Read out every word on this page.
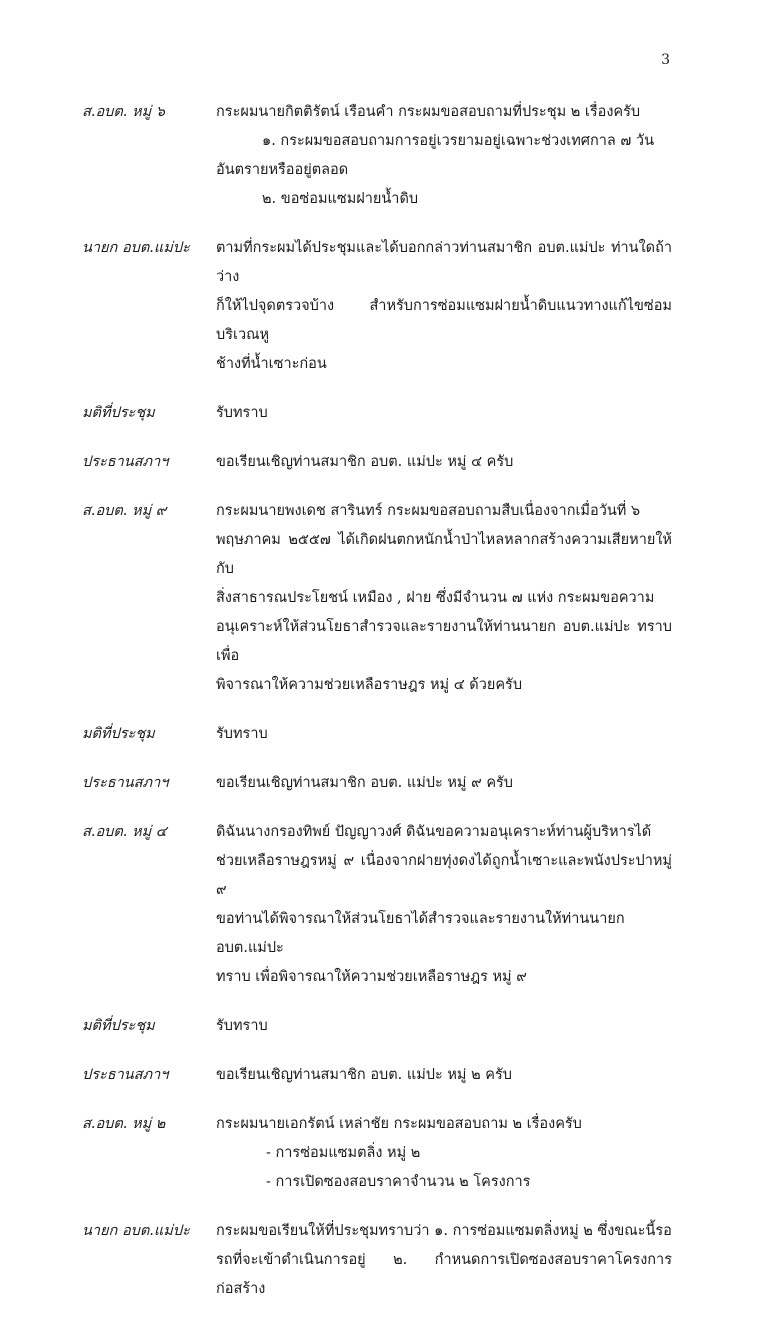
3
ส.อบต. หมู่ ๖	กระผมนายกิตติรัตน์ เรือนคำ กระผมขอสอบถามที่ประชุม ๒ เรื่องครับ

๑. กระผมขอสอบถามการอยู่เวรยามอยู่เฉพาะช่วงเทศกาล ๗ วัน

อันตรายหรืออยู่ตลอด

๒. ขอซ่อมแซมฝายน้ำดิบ

นายก อบต.แม่ปะ	ตามที่กระผมได้ประชุมและได้บอกกล่าวท่านสมาชิก อบต.แม่ปะ ท่านใดถ้าว่าง

ก็ให้ไปจุดตรวจบ้าง สำหรับการซ่อมแซมฝายน้ำดิบแนวทางแก้ไขซ่อมบริเวณหู

ช้างที่น้ำเซาะก่อน

มติที่ประชุม	รับทราบ

ประธานสภาฯ	ขอเรียนเชิญท่านสมาชิก อบต. แม่ปะ หมู่ ๔ ครับ

ส.อบต. หมู่ ๙	กระผมนายพงเดช สารินทร์ กระผมขอสอบถามสืบเนื่องจากเมื่อวันที่ ๖

พฤษภาคม ๒๕๕๗ ได้เกิดฝนตกหนักน้ำป่าไหลหลากสร้างความเสียหายให้กับ

สิ่งสาธารณประโยชน์ เหมือง , ฝาย ซึ่งมีจำนวน ๗ แห่ง กระผมขอความ

อนุเคราะห์ให้ส่วนโยธาสำรวจและรายงานให้ท่านนายก อบต.แม่ปะ ทราบ เพื่อ

พิจารณาให้ความช่วยเหลือราษฎร หมู่ ๔ ด้วยครับ

มติที่ประชุม	รับทราบ

ประธานสภาฯ	ขอเรียนเชิญท่านสมาชิก อบต. แม่ปะ หมู่ ๙ ครับ

ส.อบต. หมู่ ๔	ดิฉันนางกรองทิพย์ ปัญญาวงศ์ ดิฉันขอความอนุเคราะห์ท่านผู้บริหารได้

ช่วยเหลือราษฎรหมู่ ๙ เนื่องจากฝายทุ่งดงได้ถูกน้ำเซาะและพนังประปาหมู่ ๙

ขอท่านได้พิจารณาให้ส่วนโยธาได้สำรวจและรายงานให้ท่านนายก อบต.แม่ปะ

ทราบ เพื่อพิจารณาให้ความช่วยเหลือราษฎร หมู่ ๙

มติที่ประชุม	รับทราบ

ประธานสภาฯ	ขอเรียนเชิญท่านสมาชิก อบต. แม่ปะ หมู่ ๒ ครับ

ส.อบต. หมู่ ๒	กระผมนายเอกรัตน์ เหล่าชัย กระผมขอสอบถาม ๒ เรื่องครับ

- การซ่อมแซมตลิ่ง หมู่ ๒

- การเปิดซองสอบราคาจำนวน ๒ โครงการ

นายก อบต.แม่ปะ	กระผมขอเรียนให้ที่ประชุมทราบว่า ๑. การซ่อมแซมตลิ่งหมู่ ๒ ซึ่งขณะนี้รอ

รถที่จะเข้าดำเนินการอยู่ ๒. กำหนดการเปิดซองสอบราคาโครงการก่อสร้าง
